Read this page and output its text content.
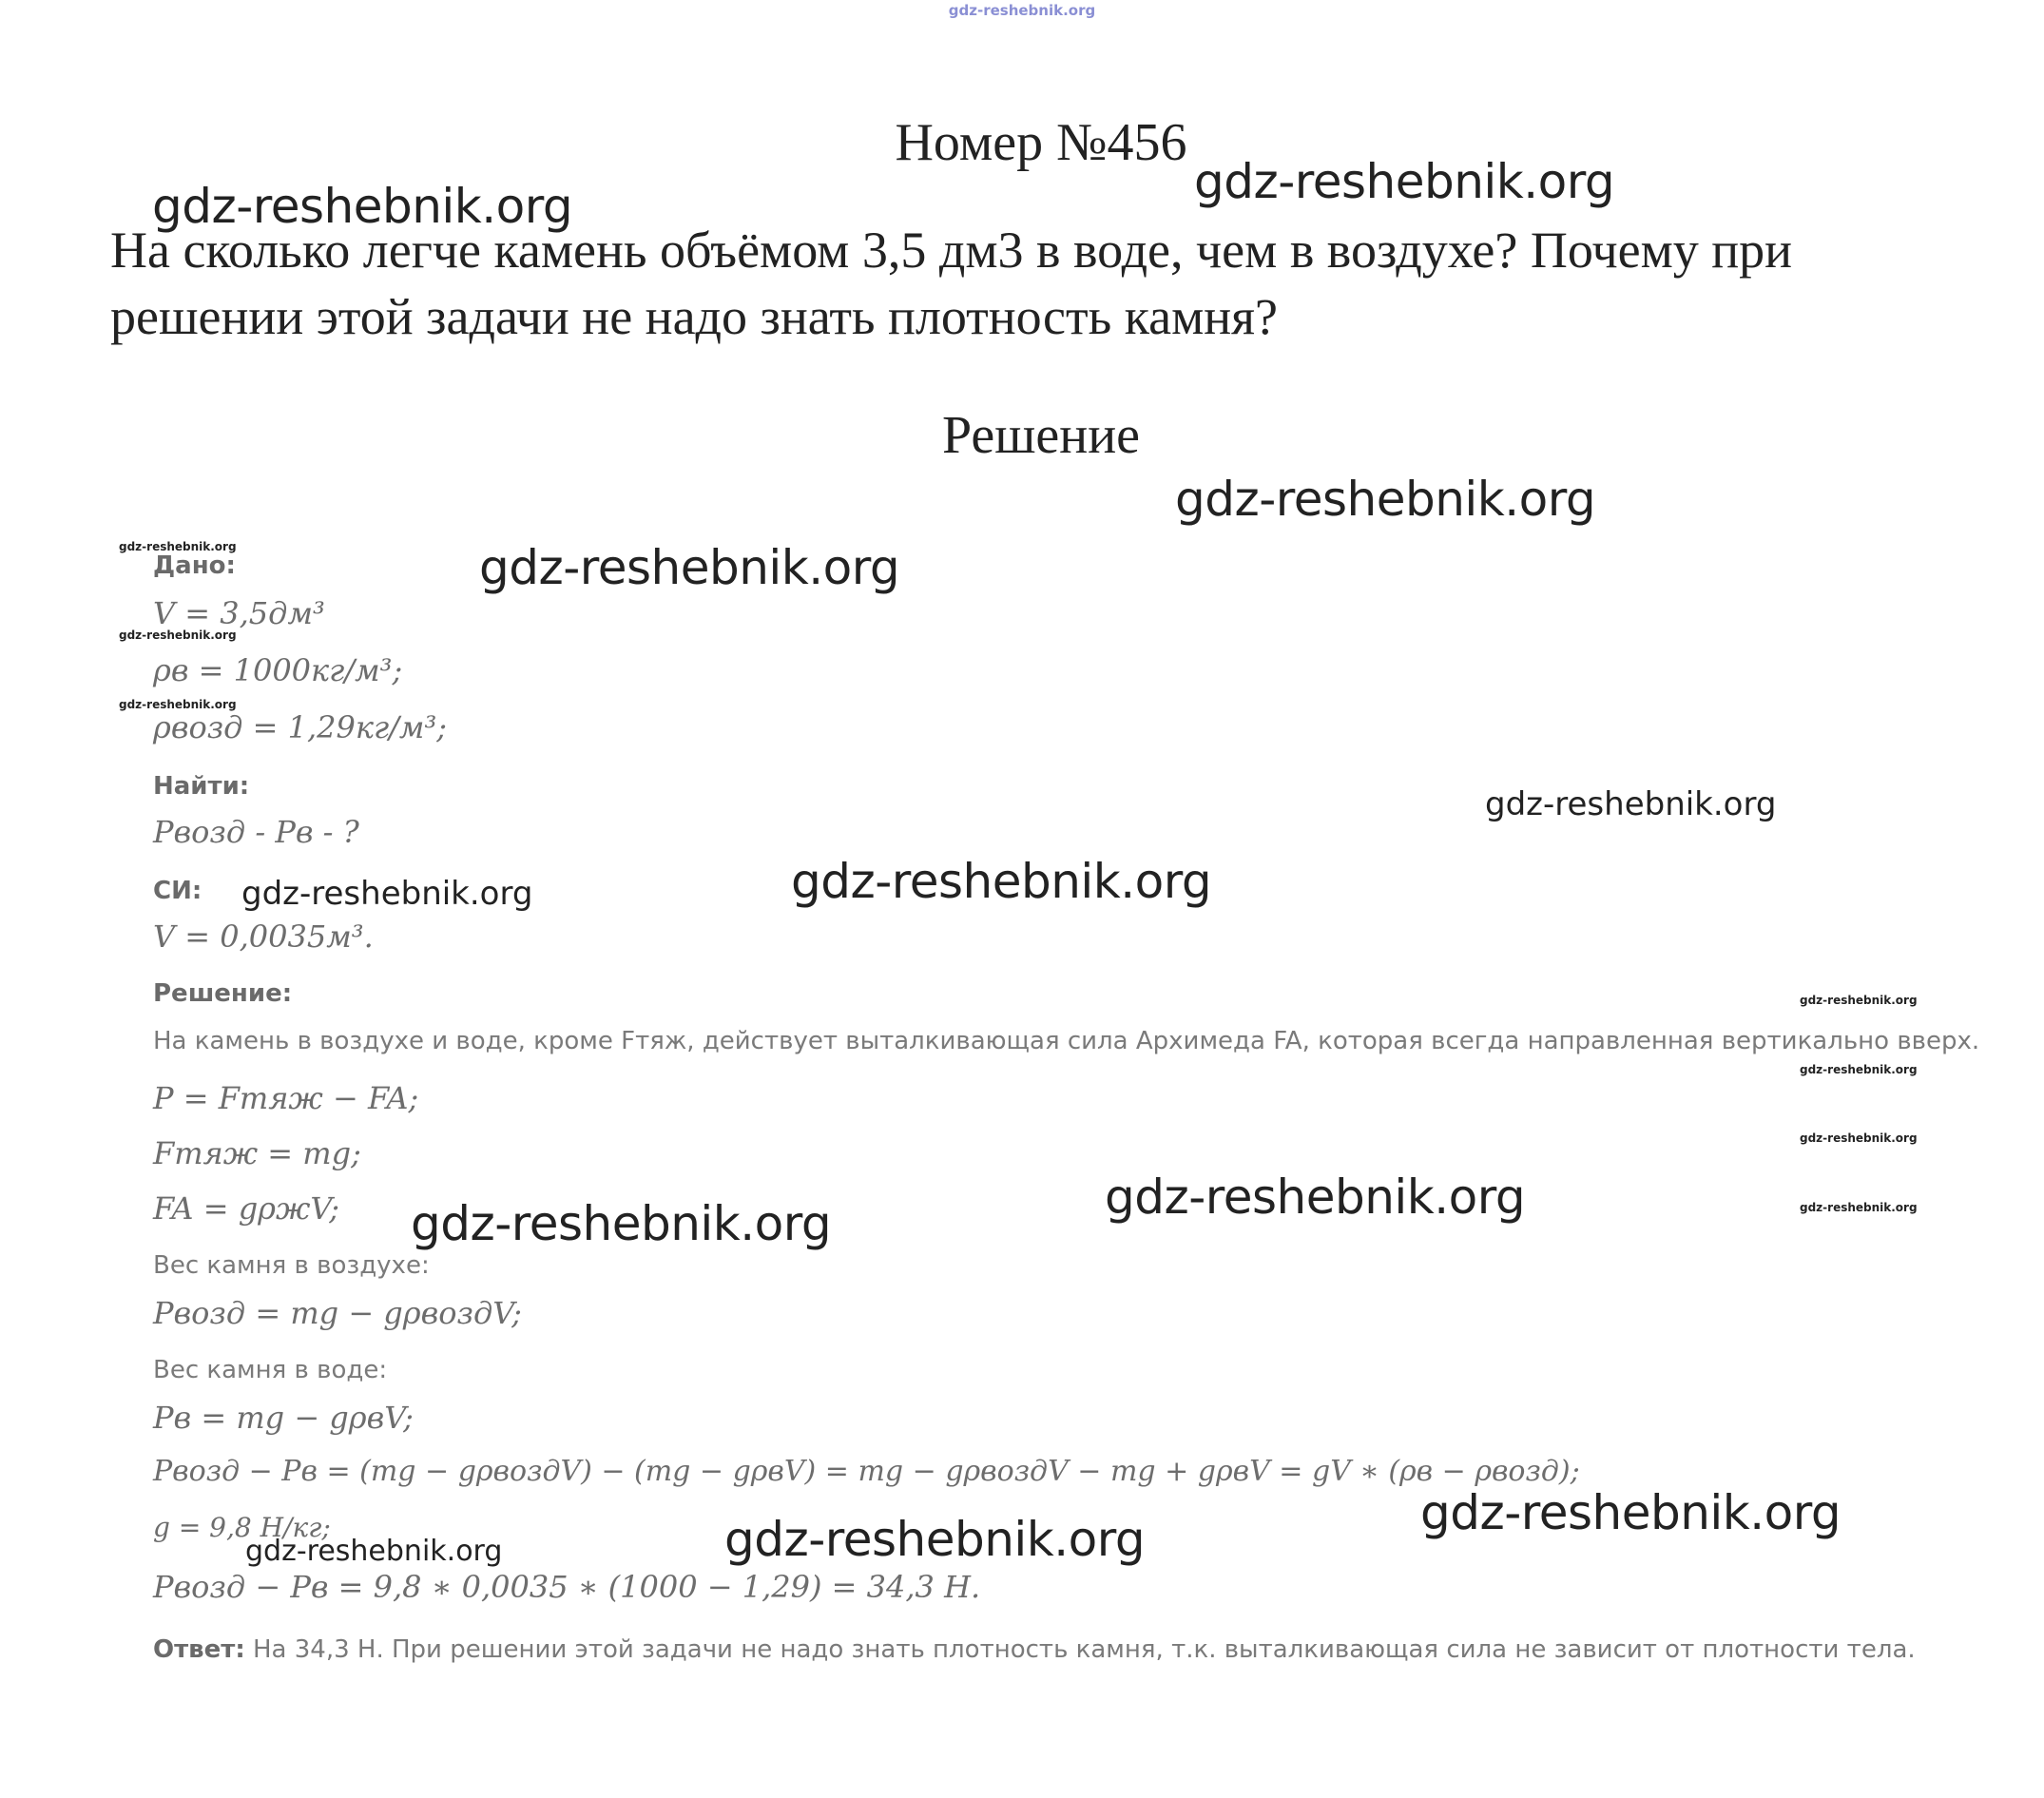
gdz-reshebnik.org
Номер №456
На сколько легче камень объёмом 3,5 дм3 в воде, чем в воздухе? Почему при решении этой задачи не надо знать плотность камня?
Решение
Дано:
V = 3,5дм³
ρв = 1000кг/м³;
ρвозд = 1,29кг/м³;
Найти:
Pвозд - Pв - ?
СИ:
V = 0,0035м³.
Решение:
На камень в воздухе и воде, кроме Fтяж, действует выталкивающая сила Архимеда FA, которая всегда направленная вертикально вверх.
P = Fтяж − FA;
Fтяж = mg;
FA = gρжV;
Вес камня в воздухе:
Pвозд = mg − gρвоздV;
Вес камня в воде:
Pв = mg − gρвV;
Pвозд − Pв = (mg − gρвоздV) − (mg − gρвV) = mg − gρвоздV − mg + gρвV = gV ∗ (ρв − ρвозд);
g = 9,8 Н/кг;
Pвозд − Pв = 9,8 ∗ 0,0035 ∗ (1000 − 1,29) = 34,3 Н.
Ответ: На 34,3 Н. При решении этой задачи не надо знать плотность камня, т.к. выталкивающая сила не зависит от плотности тела.
gdz-reshebnik.org	gdz-reshebnik.org
gdz-reshebnik.org
gdz-reshebnik.org
gdz-reshebnik.org
gdz-reshebnik.org
gdz-reshebnik.org
gdz-reshebnik.org
gdz-reshebnik.org
gdz-reshebnik.org
gdz-reshebnik.org
gdz-reshebnik.org
gdz-reshebnik.org
gdz-reshebnik.org
gdz-reshebnik.org
gdz-reshebnik.org
gdz-reshebnik.org
gdz-reshebnik.org
gdz-reshebnik.org
